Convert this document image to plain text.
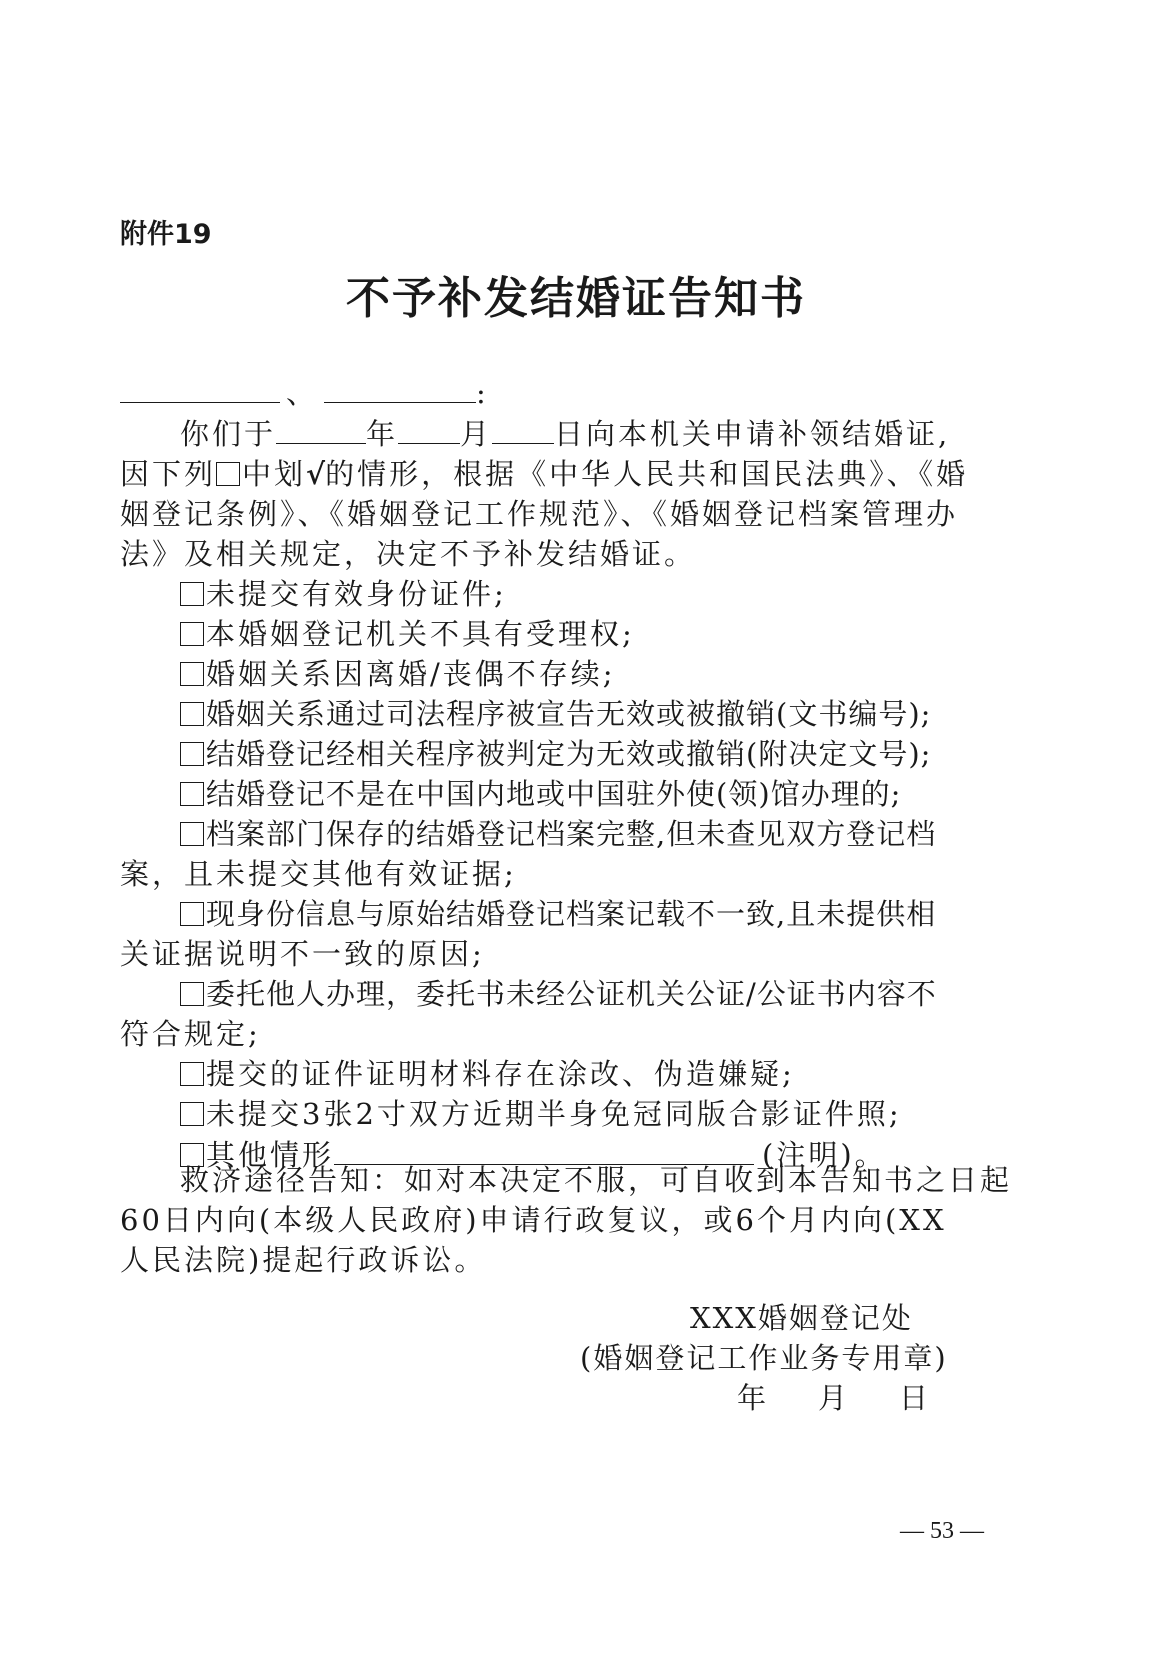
附件19
不予补发结婚证告知书
、	:
你们于	年 月 日向本机关申请补领结婚证,
因下列 中划√的情形，根据《中华人民共和国民法典》、《婚
姻登记条例》、《婚姻登记工作规范》、《婚姻登记档案管理办
法》及相关规定，决定不予补发结婚证。
未提交有效身份证件;
本婚姻登记机关不具有受理权;
婚姻关系因离婚/丧偶不存续;
婚姻关系通过司法程序被宣告无效或被撤销(文书编号);
结婚登记经相关程序被判定为无效或撤销(附决定文号);
结婚登记不是在中国内地或中国驻外使(领)馆办理的;
档案部门保存的结婚登记档案完整,但未查见双方登记档
案，且未提交其他有效证据;
现身份信息与原始结婚登记档案记载不一致,且未提供相
关证据说明不一致的原因;
委托他人办理，委托书未经公证机关公证/公证书内容不
符合规定;
提交的证件证明材料存在涂改、伪造嫌疑;
未提交3张2寸双方近期半身免冠同版合影证件照;
其他情形	(注明)。
救济途径告知：如对本决定不服，可自收到本告知书之日起
60日内向(本级人民政府)申请行政复议，或6个月内向(XX
人民法院)提起行政诉讼。
XXX婚姻登记处
(婚姻登记工作业务专用章)
年 月 日
— 53 —
